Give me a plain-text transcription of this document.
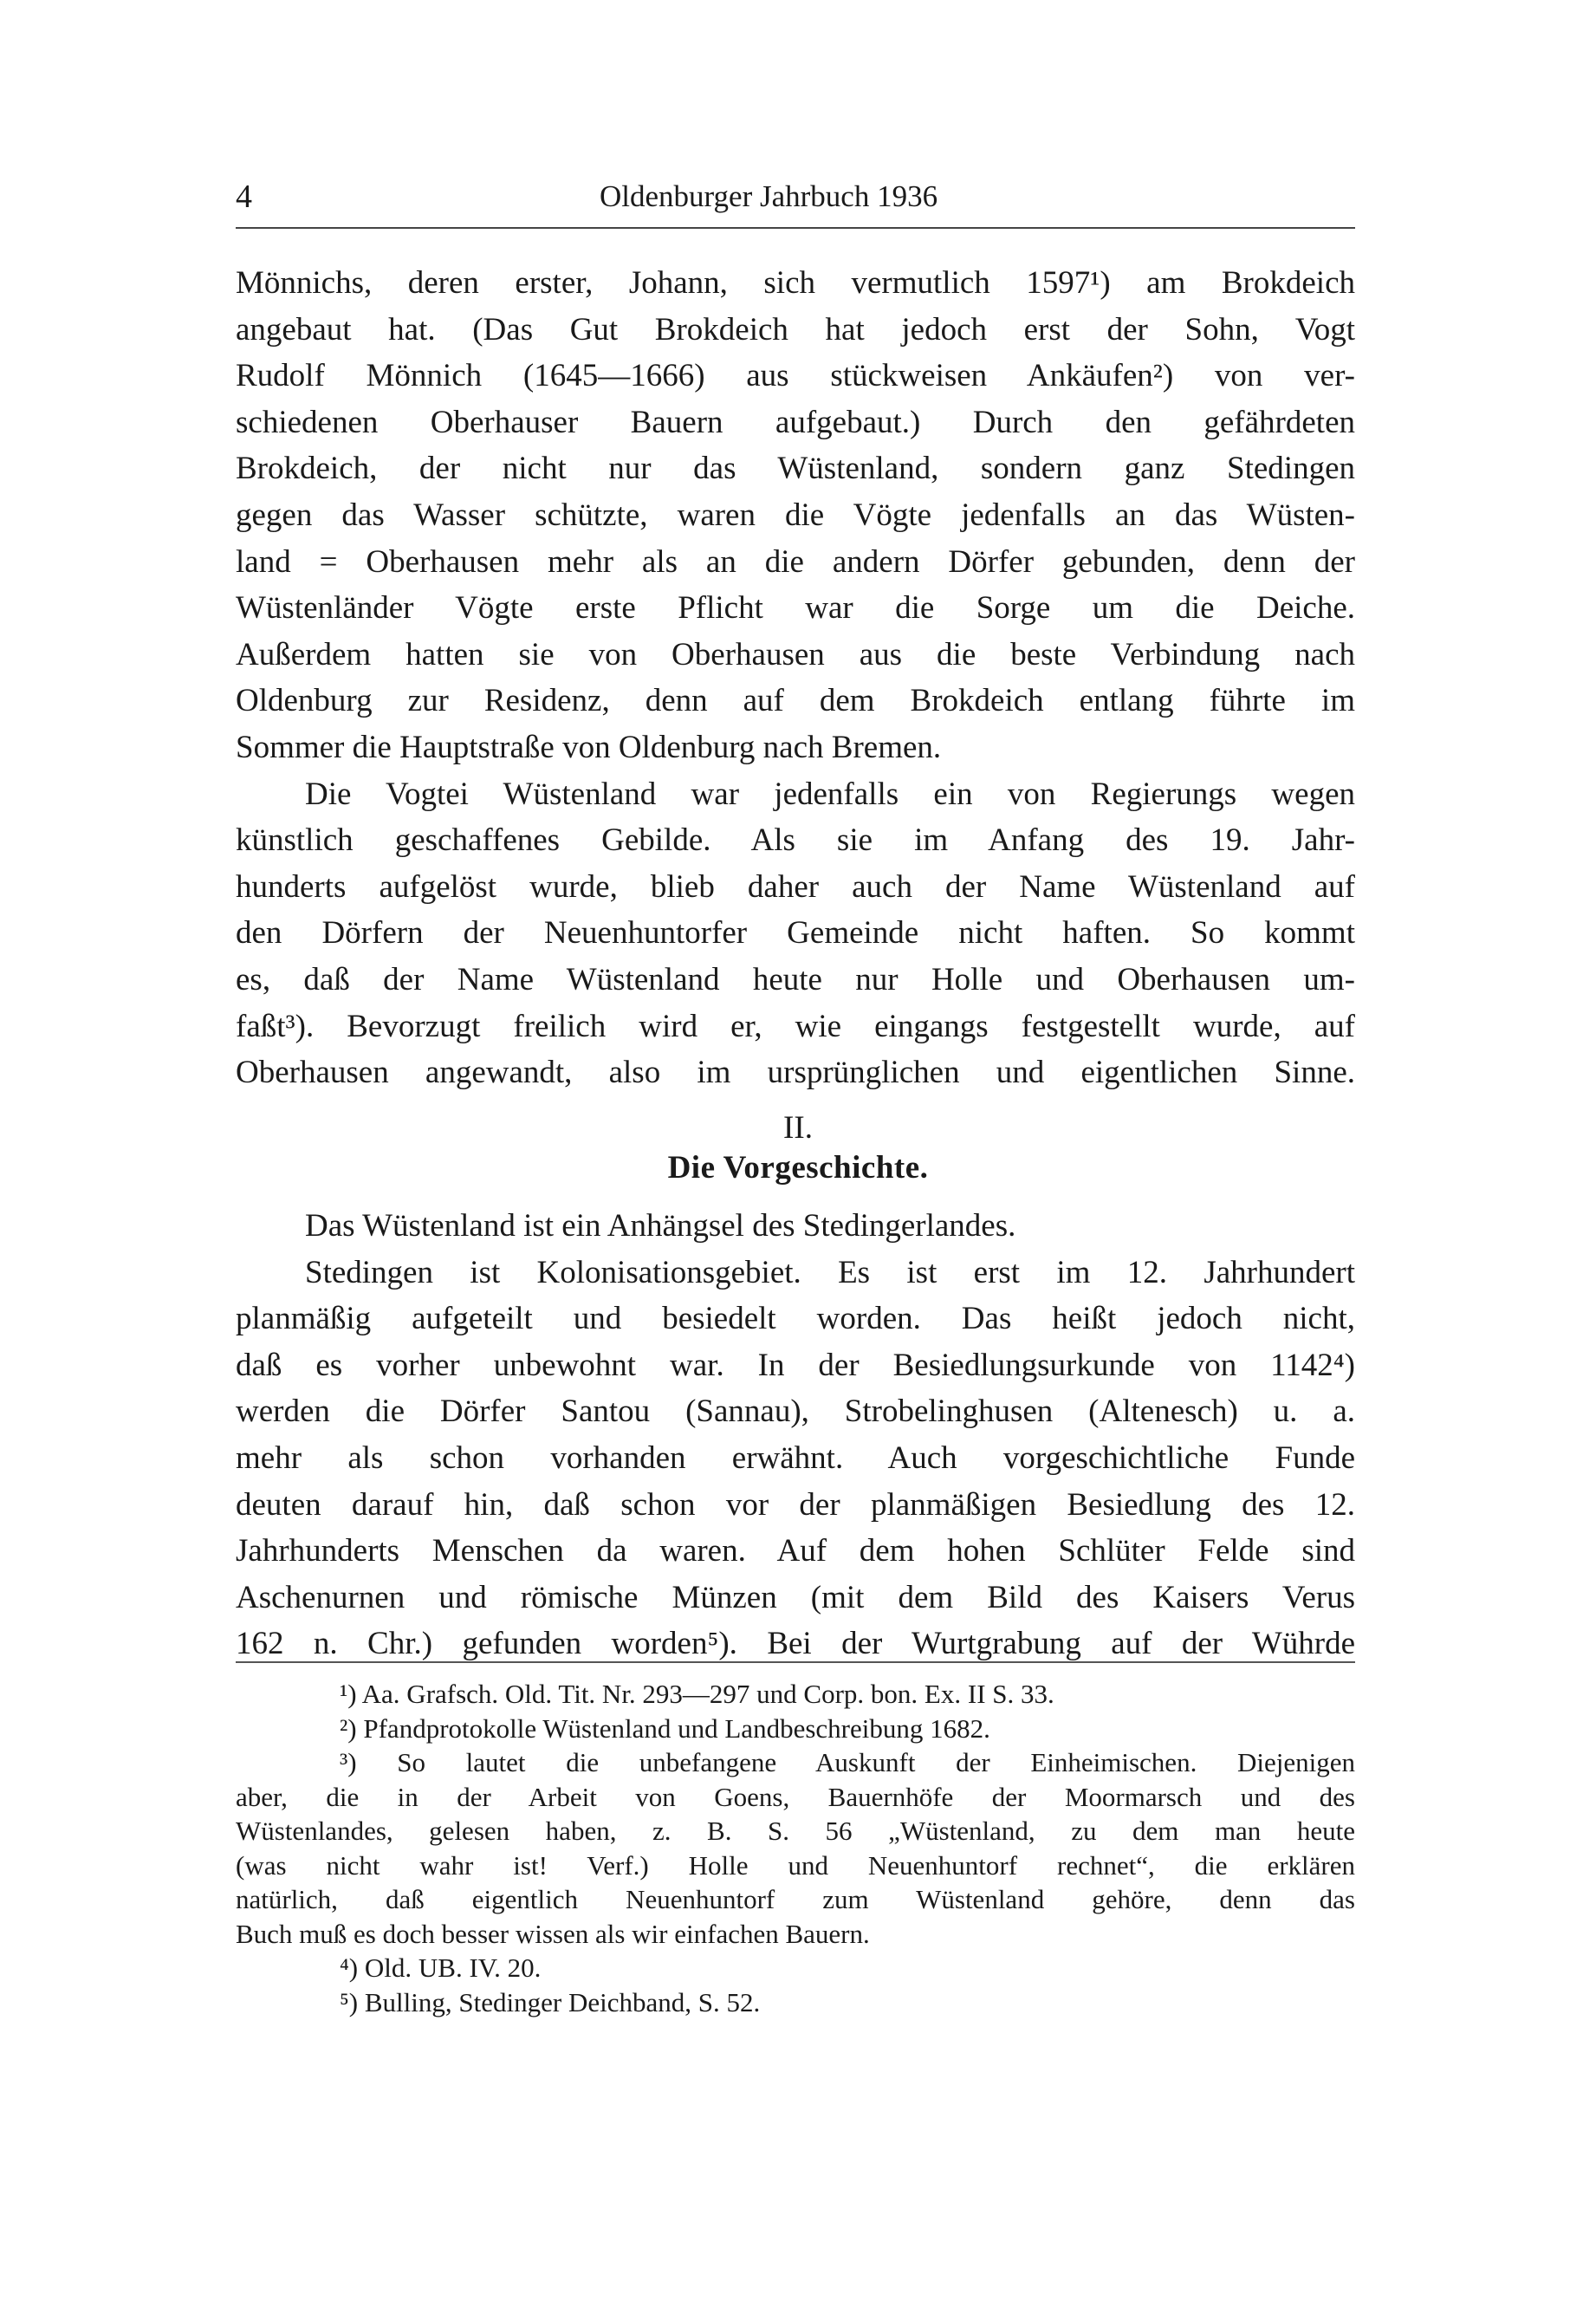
4	Oldenburger Jahrbuch 1936
Mönnichs, deren erster, Johann, sich vermutlich 1597¹) am Brokdeich
angebaut hat. (Das Gut Brokdeich hat jedoch erst der Sohn, Vogt
Rudolf Mönnich (1645—1666) aus stückweisen Ankäufen²) von ver-
schiedenen Oberhauser Bauern aufgebaut.) Durch den gefährdeten
Brokdeich, der nicht nur das Wüstenland, sondern ganz Stedingen
gegen das Wasser schützte, waren die Vögte jedenfalls an das Wüsten-
land = Oberhausen mehr als an die andern Dörfer gebunden, denn der
Wüstenländer Vögte erste Pflicht war die Sorge um die Deiche.
Außerdem hatten sie von Oberhausen aus die beste Verbindung nach
Oldenburg zur Residenz, denn auf dem Brokdeich entlang führte im
Sommer die Hauptstraße von Oldenburg nach Bremen.
Die Vogtei Wüstenland war jedenfalls ein von Regierungs wegen
künstlich geschaffenes Gebilde. Als sie im Anfang des 19. Jahr-
hunderts aufgelöst wurde, blieb daher auch der Name Wüstenland auf
den Dörfern der Neuenhuntorfer Gemeinde nicht haften. So kommt
es, daß der Name Wüstenland heute nur Holle und Oberhausen um-
faßt³). Bevorzugt freilich wird er, wie eingangs festgestellt wurde, auf
Oberhausen angewandt, also im ursprünglichen und eigentlichen Sinne.
II.
Die Vorgeschichte.
Das Wüstenland ist ein Anhängsel des Stedingerlandes.
Stedingen ist Kolonisationsgebiet. Es ist erst im 12. Jahrhundert
planmäßig aufgeteilt und besiedelt worden. Das heißt jedoch nicht,
daß es vorher unbewohnt war. In der Besiedlungsurkunde von 1142⁴)
werden die Dörfer Santou (Sannau), Strobelinghusen (Altenesch) u. a.
mehr als schon vorhanden erwähnt. Auch vorgeschichtliche Funde
deuten darauf hin, daß schon vor der planmäßigen Besiedlung des 12.
Jahrhunderts Menschen da waren. Auf dem hohen Schlüter Felde sind
Aschenurnen und römische Münzen (mit dem Bild des Kaisers Verus
162 n. Chr.) gefunden worden⁵). Bei der Wurtgrabung auf der Wührde
¹) Aa. Grafsch. Old. Tit. Nr. 293—297 und Corp. bon. Ex. II S. 33.
²) Pfandprotokolle Wüstenland und Landbeschreibung 1682.
³) So lautet die unbefangene Auskunft der Einheimischen. Diejenigen
aber, die in der Arbeit von Goens, Bauernhöfe der Moormarsch und des
Wüstenlandes, gelesen haben, z. B. S. 56 „Wüstenland, zu dem man heute
(was nicht wahr ist! Verf.) Holle und Neuenhuntorf rechnet“, die erklären
natürlich, daß eigentlich Neuenhuntorf zum Wüstenland gehöre, denn das
Buch muß es doch besser wissen als wir einfachen Bauern.
⁴) Old. UB. IV. 20.
⁵) Bulling, Stedinger Deichband, S. 52.
